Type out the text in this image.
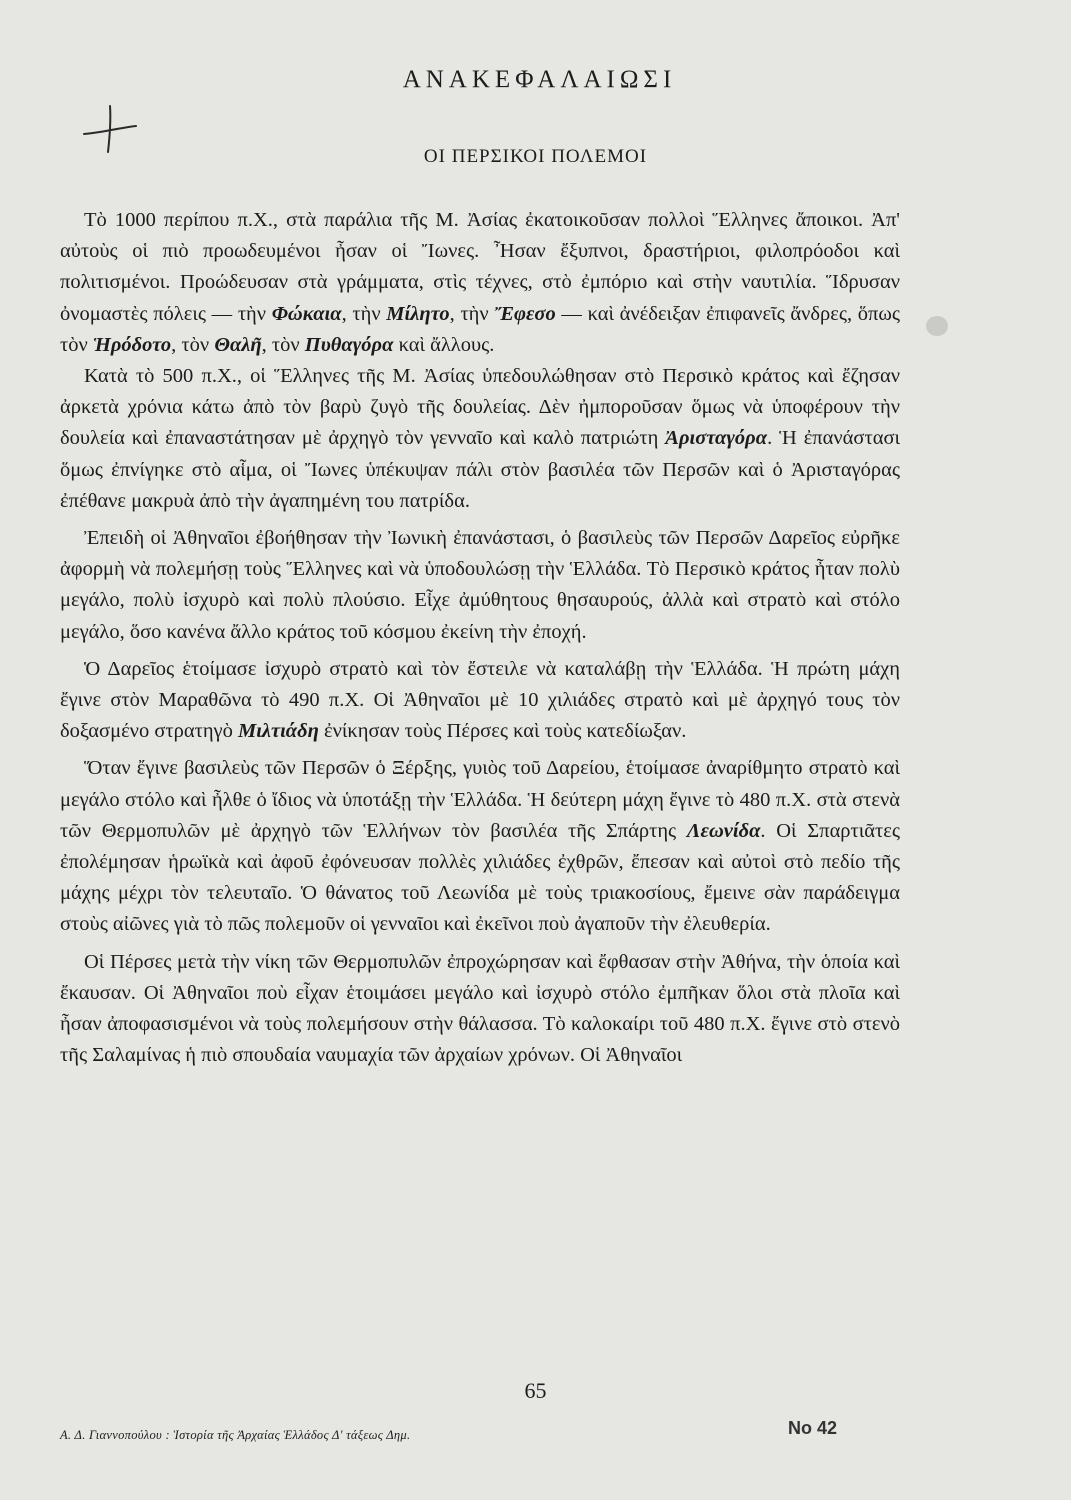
ΑΝΑΚΕΦΑΛΑΙΩΣΙ
ΟΙ ΠΕΡΣΙΚΟΙ ΠΟΛΕΜΟΙ

Τὸ 1000 περίπου π.Χ., στὰ παράλια τῆς Μ. Ἀσίας ἐκατοικοῦσαν πολλοὶ Ἕλληνες ἄποικοι. Ἀπ' αὐτοὺς οἱ πιὸ προωδευμένοι ἦσαν οἱ Ἴωνες. Ἦσαν ἔξυπνοι, δραστήριοι, φιλοπρόοδοι καὶ πολιτισμένοι. Προώδευσαν στὰ γράμματα, στὶς τέχνες, στὸ ἐμπόριο καὶ στὴν ναυτιλία. Ἵδρυσαν ὀνομαστὲς πόλεις — τὴν Φώκαια, τὴν Μίλητο, τὴν Ἔφεσο — καὶ ἀνέδειξαν ἐπιφανεῖς ἄνδρες, ὅπως τὸν Ἡρόδοτο, τὸν Θαλῆ, τὸν Πυθαγόρα καὶ ἄλλους.

Κατὰ τὸ 500 π.Χ., οἱ Ἕλληνες τῆς Μ. Ἀσίας ὑπεδουλώθησαν στὸ Περσικὸ κράτος καὶ ἔζησαν ἀρκετὰ χρόνια κάτω ἀπὸ τὸν βαρὺ ζυγὸ τῆς δουλείας. Δὲν ἠμποροῦσαν ὅμως νὰ ὑποφέρουν τὴν δουλεία καὶ ἐπαναστάτησαν μὲ ἀρχηγὸ τὸν γενναῖο καὶ καλὸ πατριώτη Ἀρισταγόρα. Ἡ ἐπανάστασι ὅμως ἐπνίγηκε στὸ αἷμα, οἱ Ἴωνες ὑπέκυψαν πάλι στὸν βασιλέα τῶν Περσῶν καὶ ὁ Ἀρισταγόρας ἐπέθανε μακρυὰ ἀπὸ τὴν ἀγαπημένη του πατρίδα.

Ἐπειδὴ οἱ Ἀθηναῖοι ἐβοήθησαν τὴν Ἰωνικὴ ἐπανάστασι, ὁ βασιλεὺς τῶν Περσῶν Δαρεῖος εὐρῆκε ἀφορμὴ νὰ πολεμήσῃ τοὺς Ἕλληνες καὶ νὰ ὑποδουλώσῃ τὴν Ἑλλάδα. Τὸ Περσικὸ κράτος ἦταν πολὺ μεγάλο, πολὺ ἰσχυρὸ καὶ πολὺ πλούσιο. Εἶχε ἀμύθητους θησαυρούς, ἀλλὰ καὶ στρατὸ καὶ στόλο μεγάλο, ὅσο κανένα ἄλλο κράτος τοῦ κόσμου ἐκείνη τὴν ἐποχή.

Ὁ Δαρεῖος ἑτοίμασε ἰσχυρὸ στρατὸ καὶ τὸν ἔστειλε νὰ καταλάβῃ τὴν Ἑλλάδα. Ἡ πρώτη μάχη ἔγινε στὸν Μαραθῶνα τὸ 490 π.Χ. Οἱ Ἀθηναῖοι μὲ 10 χιλιάδες στρατὸ καὶ μὲ ἀρχηγό τους τὸν δοξασμένο στρατηγὸ Μιλτιάδη ἐνίκησαν τοὺς Πέρσες καὶ τοὺς κατεδίωξαν.

Ὅταν ἔγινε βασιλεὺς τῶν Περσῶν ὁ Ξέρξης, γυιὸς τοῦ Δαρείου, ἑτοίμασε ἀναρίθμητο στρατὸ καὶ μεγάλο στόλο καὶ ἦλθε ὁ ἴδιος νὰ ὑποτάξῃ τὴν Ἑλλάδα. Ἡ δεύτερη μάχη ἔγινε τὸ 480 π.Χ. στὰ στενὰ τῶν Θερμοπυλῶν μὲ ἀρχηγὸ τῶν Ἑλλήνων τὸν βασιλέα τῆς Σπάρτης Λεωνίδα. Οἱ Σπαρτιᾶτες ἐπολέμησαν ἡρωϊκὰ καὶ ἀφοῦ ἐφόνευσαν πολλὲς χιλιάδες ἐχθρῶν, ἔπεσαν καὶ αὐτοὶ στὸ πεδίο τῆς μάχης μέχρι τὸν τελευταῖο. Ὁ θάνατος τοῦ Λεωνίδα μὲ τοὺς τριακοσίους, ἔμεινε σὰν παράδειγμα στοὺς αἰῶνες γιὰ τὸ πῶς πολεμοῦν οἱ γενναῖοι καὶ ἐκεῖνοι ποὺ ἀγαποῦν τὴν ἐλευθερία.

Οἱ Πέρσες μετὰ τὴν νίκη τῶν Θερμοπυλῶν ἐπροχώρησαν καὶ ἔφθασαν στὴν Ἀθήνα, τὴν ὁποία καὶ ἔκαυσαν. Οἱ Ἀθηναῖοι ποὺ εἶχαν ἑτοιμάσει μεγάλο καὶ ἰσχυρὸ στόλο ἐμπῆκαν ὅλοι στὰ πλοῖα καὶ ἦσαν ἀποφασισμένοι νὰ τοὺς πολεμήσουν στὴν θάλασσα. Τὸ καλοκαίρι τοῦ 480 π.Χ. ἔγινε στὸ στενὸ τῆς Σαλαμίνας ἡ πιὸ σπουδαία ναυμαχία τῶν ἀρχαίων χρόνων. Οἱ Ἀθηναῖοι

65
Α. Δ. Γιαννοπούλου : Ἱστορία τῆς Ἀρχαίας Ἑλλάδος Δ' τάξεως Δημ.	No 42
